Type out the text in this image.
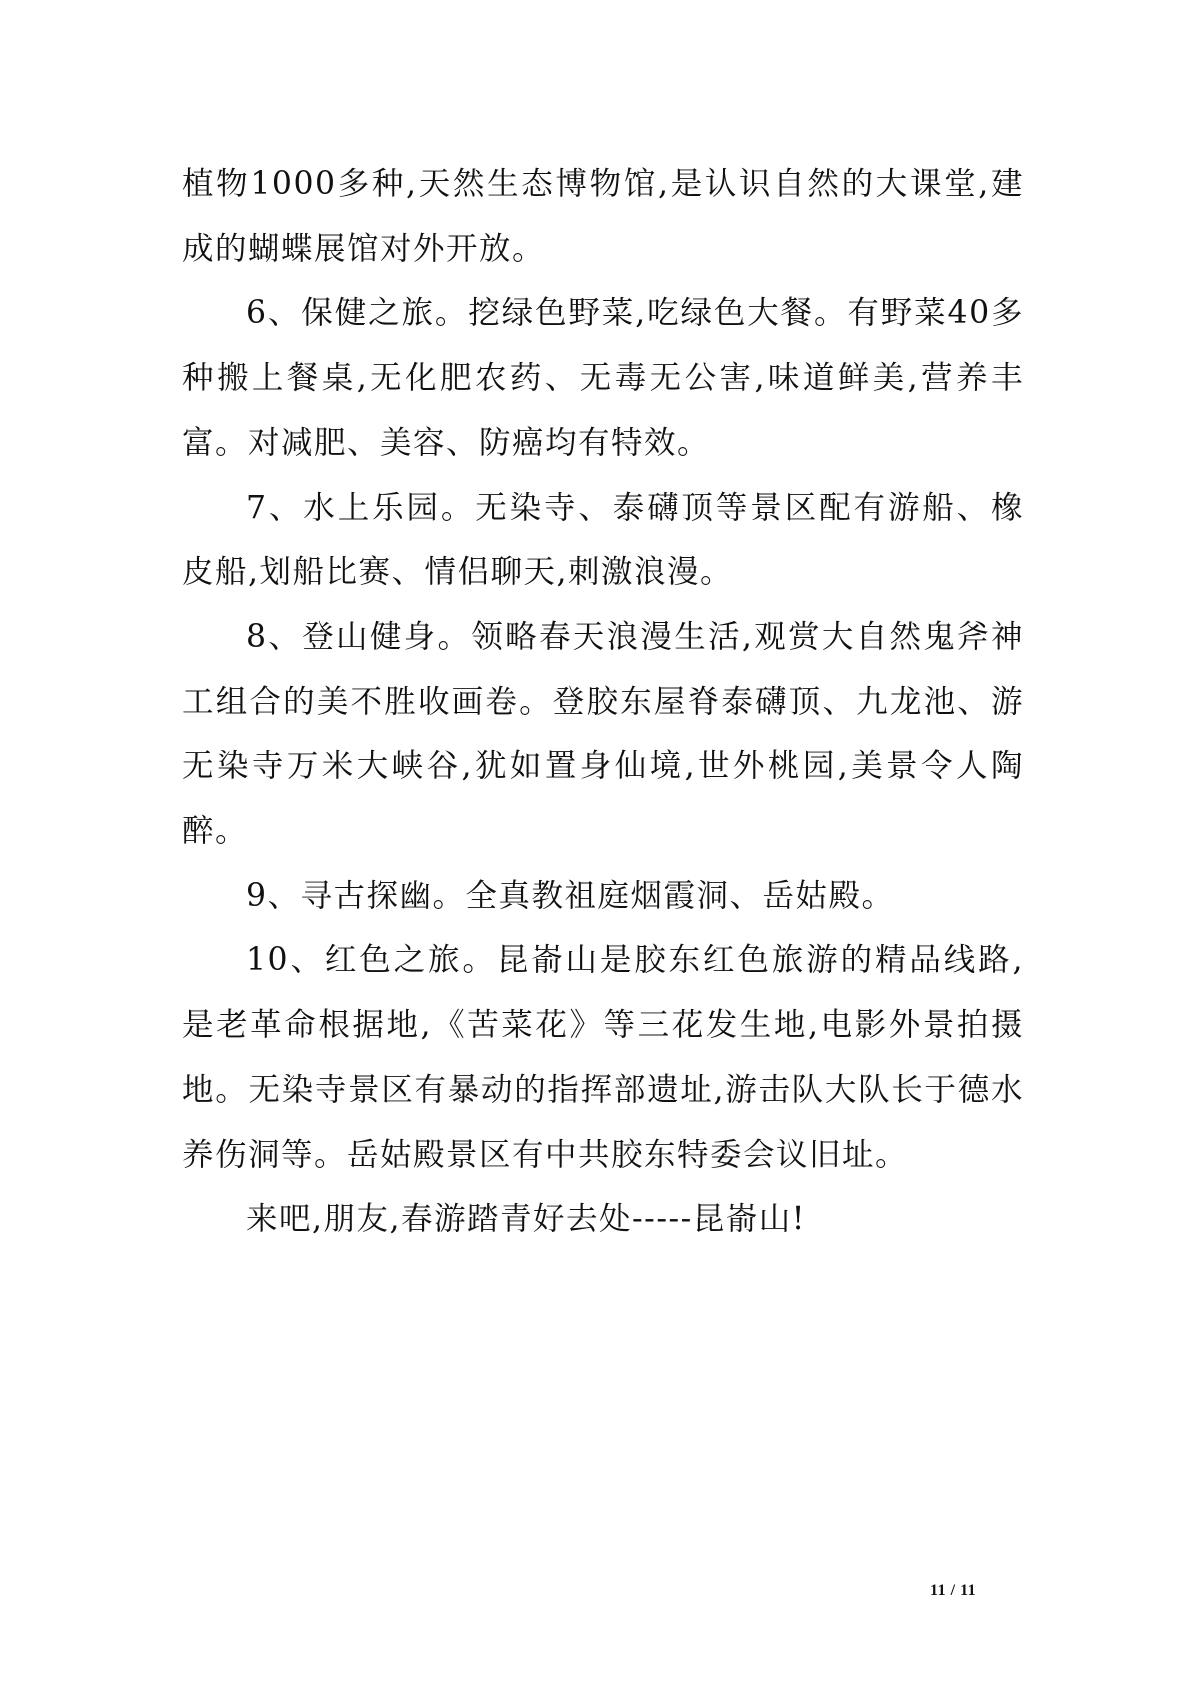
植物1000多种,天然生态博物馆,是认识自然的大课堂,建成的蝴蝶展馆对外开放。

6、保健之旅。挖绿色野菜,吃绿色大餐。有野菜40多种搬上餐桌,无化肥农药、无毒无公害,味道鲜美,营养丰富。对减肥、美容、防癌均有特效。

7、水上乐园。无染寺、泰礴顶等景区配有游船、橡皮船,划船比赛、情侣聊天,刺激浪漫。

8、登山健身。领略春天浪漫生活,观赏大自然鬼斧神工组合的美不胜收画卷。登胶东屋脊泰礴顶、九龙池、游无染寺万米大峡谷,犹如置身仙境,世外桃园,美景令人陶醉。

9、寻古探幽。全真教祖庭烟霞洞、岳姑殿。

10、红色之旅。昆嵛山是胶东红色旅游的精品线路,是老革命根据地,《苦菜花》等三花发生地,电影外景拍摄地。无染寺景区有暴动的指挥部遗址,游击队大队长于德水养伤洞等。岳姑殿景区有中共胶东特委会议旧址。

来吧,朋友,春游踏青好去处-----昆嵛山!

11 / 11
